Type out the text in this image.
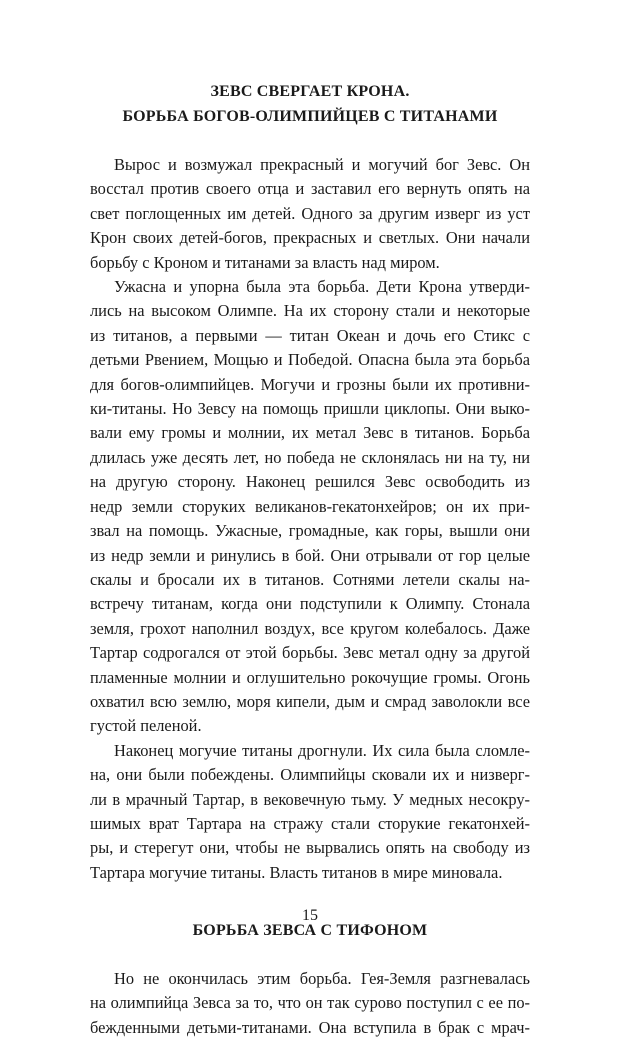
ЗЕВС СВЕРГАЕТ КРОНА.
БОРЬБА БОГОВ-ОЛИМПИЙЦЕВ С ТИТАНАМИ

Вырос и возмужал прекрасный и могучий бог Зевс. Он
восстал против своего отца и заставил его вернуть опять на
свет поглощенных им детей. Одного за другим изверг из уст
Крон своих детей-богов, прекрасных и светлых. Они начали
борьбу с Кроном и титанами за власть над миром.

Ужасна и упорна была эта борьба. Дети Крона утверди-
лись на высоком Олимпе. На их сторону стали и некоторые
из титанов, а первыми — титан Океан и дочь его Стикс с
детьми Рвением, Мощью и Победой. Опасна была эта борьба
для богов-олимпийцев. Могучи и грозны были их противни-
ки-титаны. Но Зевсу на помощь пришли циклопы. Они выко-
вали ему громы и молнии, их метал Зевс в титанов. Борьба
длилась уже десять лет, но победа не склонялась ни на ту, ни
на другую сторону. Наконец решился Зевс освободить из
недр земли сторуких великанов-гекатонхейров; он их при-
звал на помощь. Ужасные, громадные, как горы, вышли они
из недр земли и ринулись в бой. Они отрывали от гор целые
скалы и бросали их в титанов. Сотнями летели скалы на-
встречу титанам, когда они подступили к Олимпу. Стонала
земля, грохот наполнил воздух, все кругом колебалось. Даже
Тартар содрогался от этой борьбы. Зевс метал одну за другой
пламенные молнии и оглушительно рокочущие громы. Огонь
охватил всю землю, моря кипели, дым и смрад заволокли все
густой пеленой.

Наконец могучие титаны дрогнули. Их сила была сломле-
на, они были побеждены. Олимпийцы сковали их и низверг-
ли в мрачный Тартар, в вековечную тьму. У медных несокру-
шимых врат Тартара на стражу стали сторукие гекатонхей-
ры, и стерегут они, чтобы не вырвались опять на свободу из
Тартара могучие титаны. Власть титанов в мире миновала.

БОРЬБА ЗЕВСА С ТИФОНОМ

Но не окончилась этим борьба. Гея-Земля разгневалась
на олимпийца Зевса за то, что он так сурово поступил с ее по-
бежденными детьми-титанами. Она вступила в брак с мрач-

15
